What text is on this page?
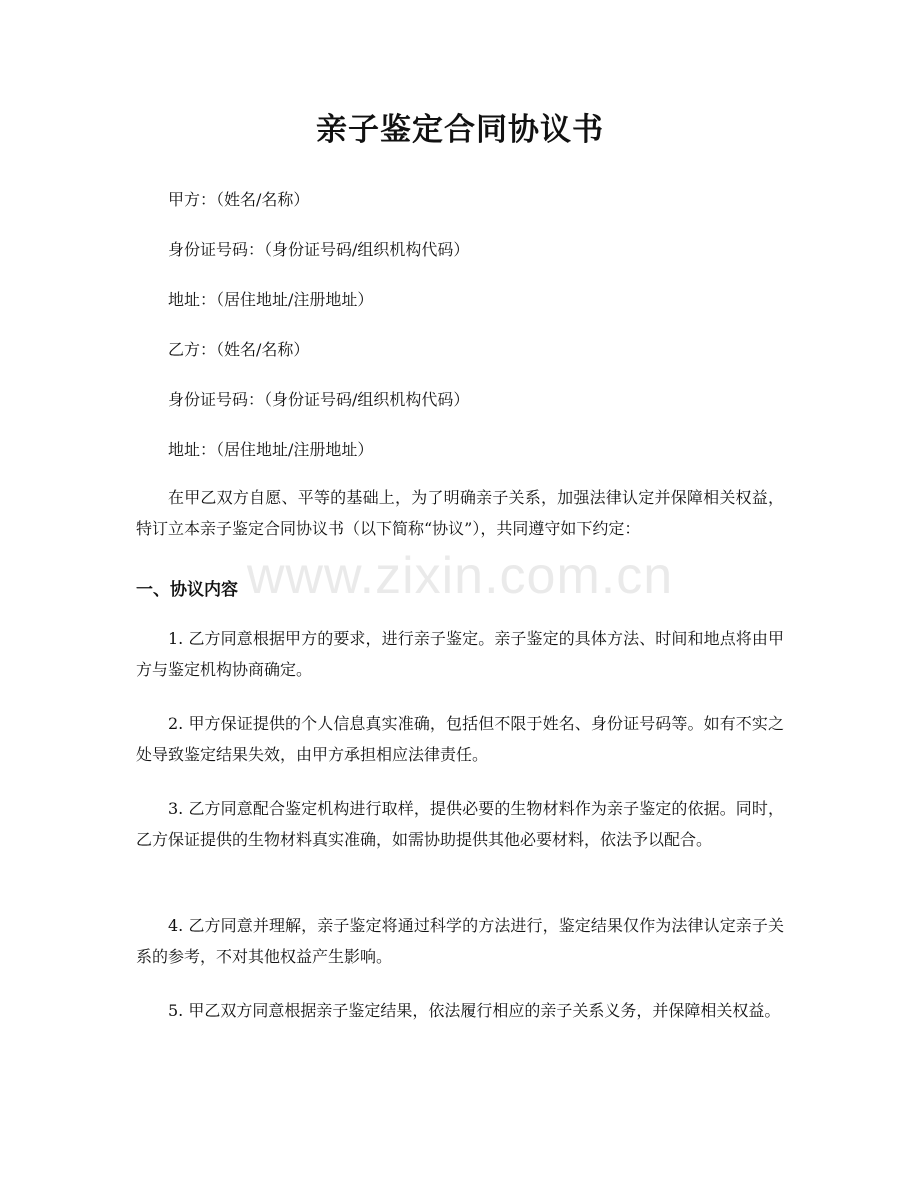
www.zixin.com.cn
亲子鉴定合同协议书
甲方：（姓名/名称）
身份证号码：（身份证号码/组织机构代码）
地址：（居住地址/注册地址）
乙方：（姓名/名称）
身份证号码：（身份证号码/组织机构代码）
地址：（居住地址/注册地址）
在甲乙双方自愿、平等的基础上，为了明确亲子关系，加强法律认定并保障相关权益，特订立本亲子鉴定合同协议书（以下简称“协议”），共同遵守如下约定：
一、协议内容
1. 乙方同意根据甲方的要求，进行亲子鉴定。亲子鉴定的具体方法、时间和地点将由甲方与鉴定机构协商确定。
2. 甲方保证提供的个人信息真实准确，包括但不限于姓名、身份证号码等。如有不实之处导致鉴定结果失效，由甲方承担相应法律责任。
3. 乙方同意配合鉴定机构进行取样，提供必要的生物材料作为亲子鉴定的依据。同时，乙方保证提供的生物材料真实准确，如需协助提供其他必要材料，依法予以配合。
4. 乙方同意并理解，亲子鉴定将通过科学的方法进行，鉴定结果仅作为法律认定亲子关系的参考，不对其他权益产生影响。
5. 甲乙双方同意根据亲子鉴定结果，依法履行相应的亲子关系义务，并保障相关权益。
